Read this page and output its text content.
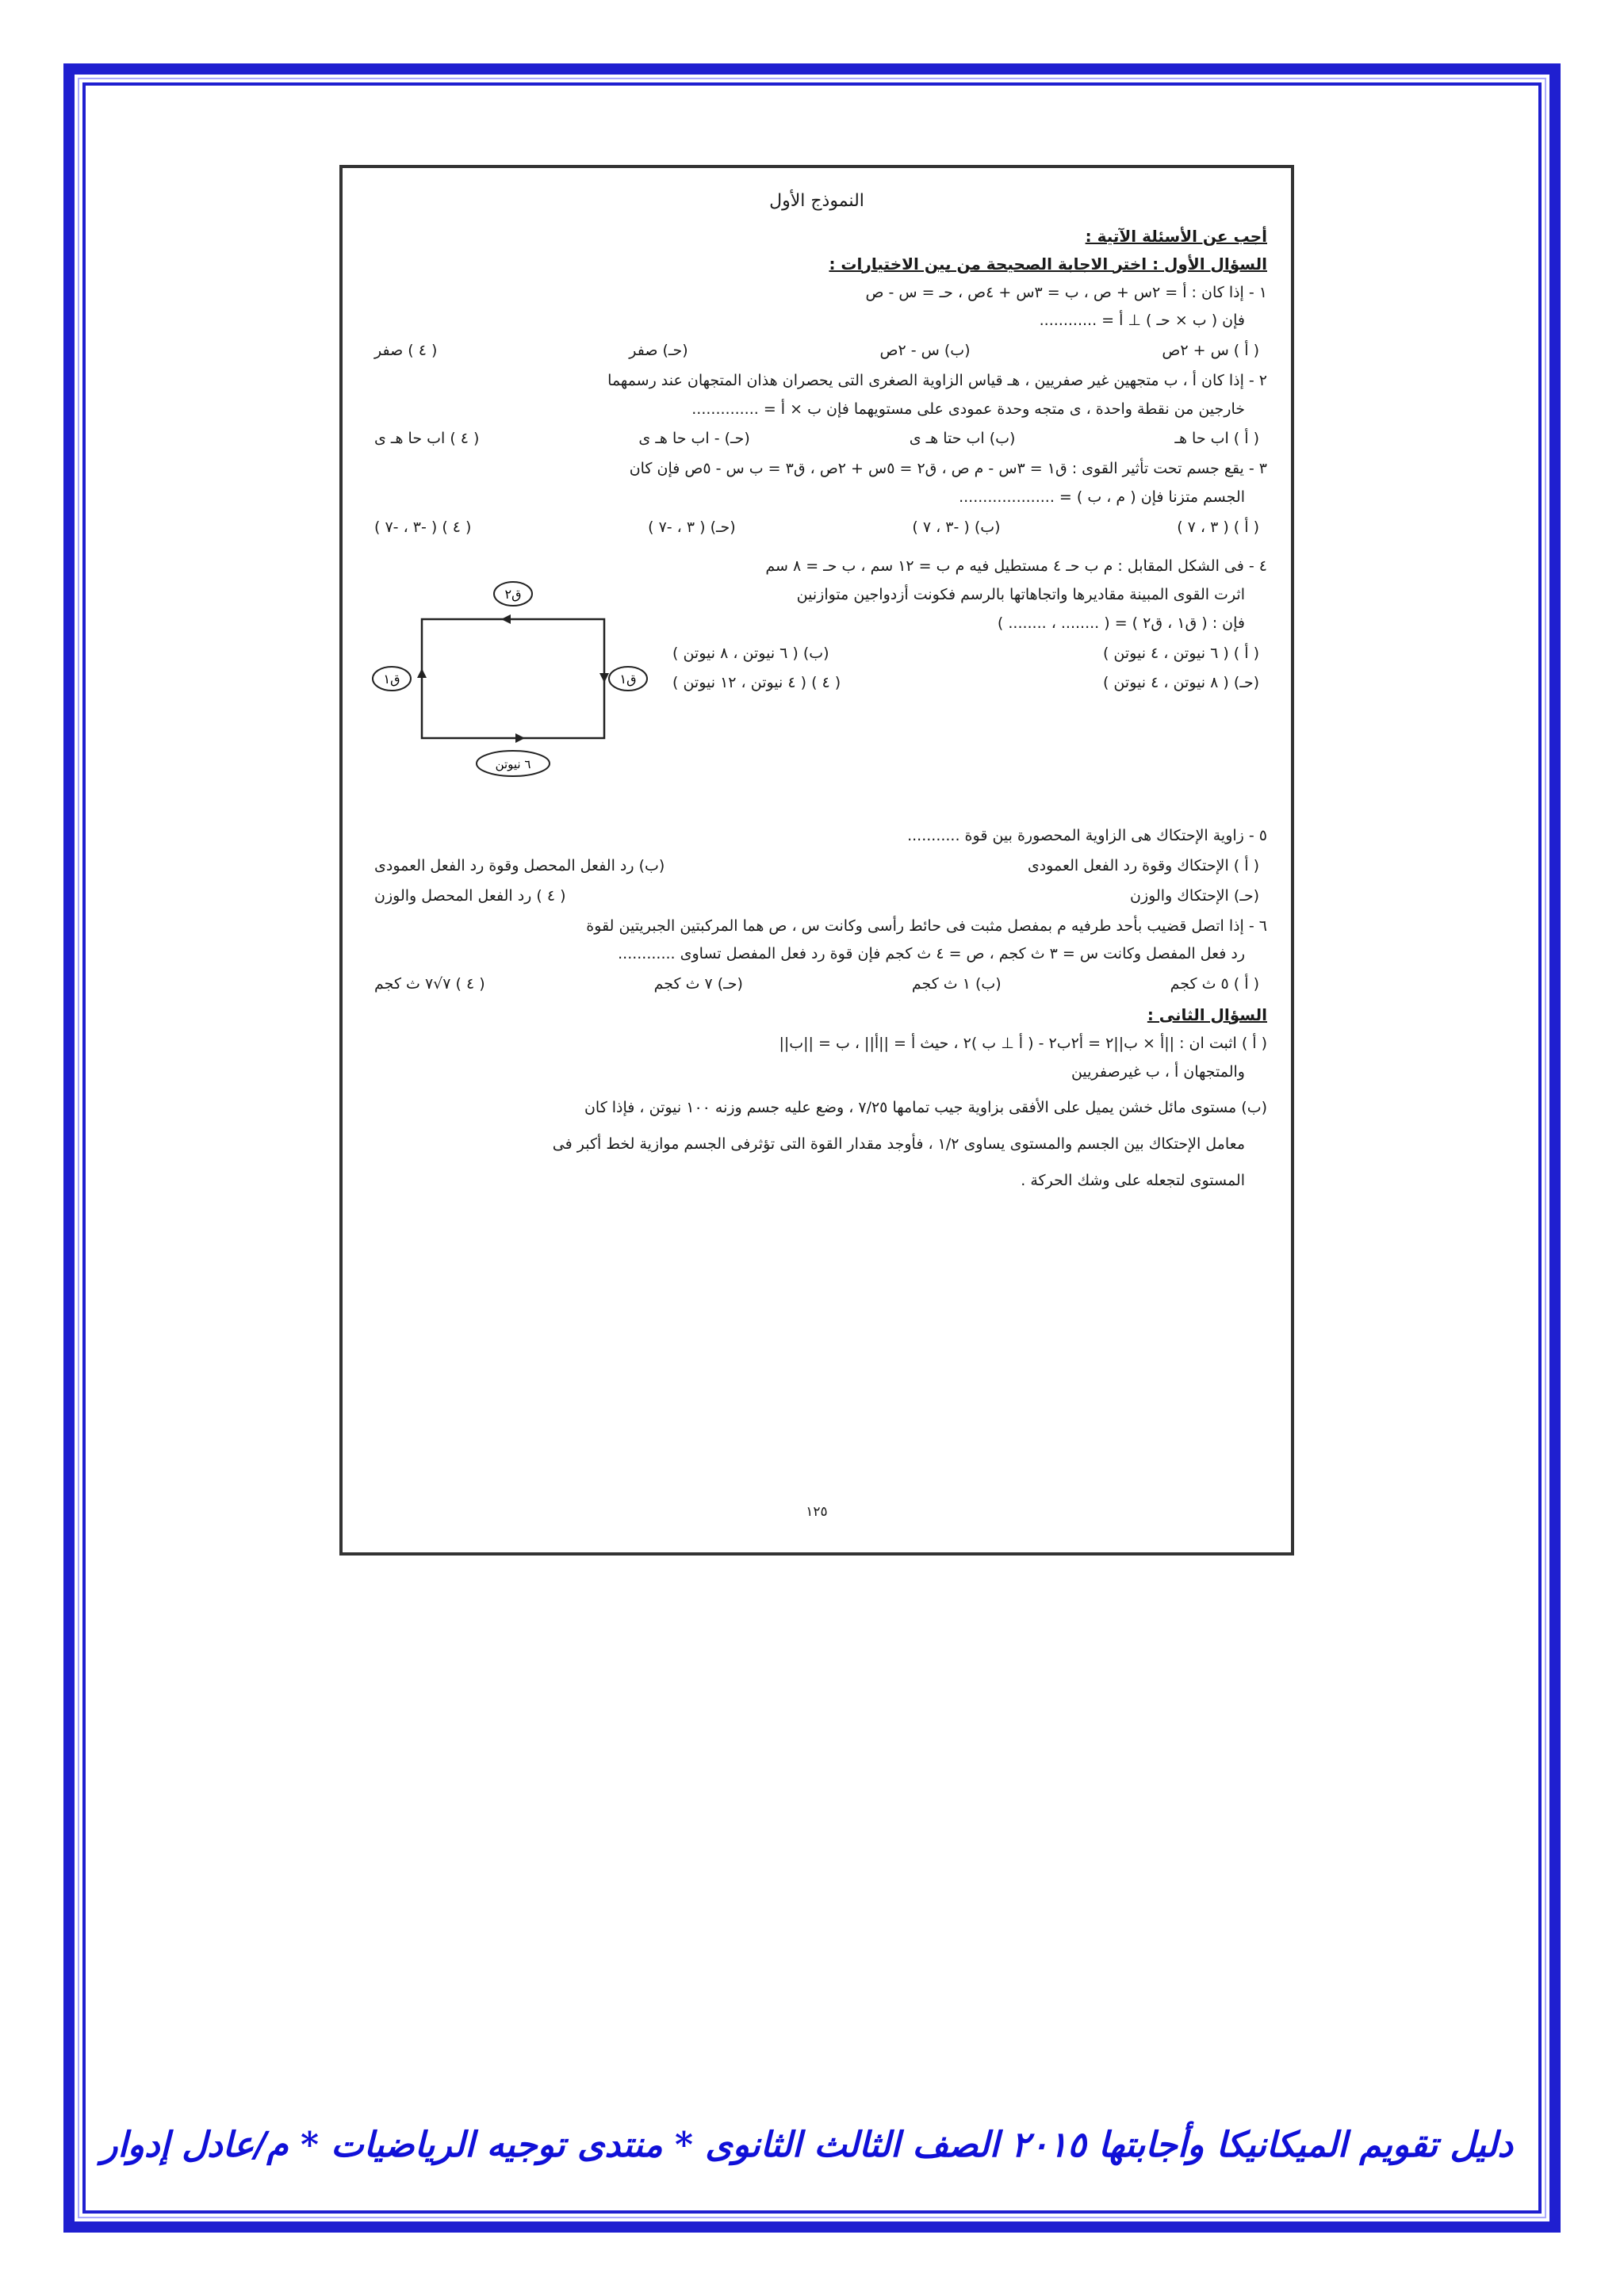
النموذج الأول
أجب عن الأسئلة الآتية :
السؤال الأول : اختر الاجابة الصحيحة من بين الاختيارات :
١ - إذا كان : أ = ٢س + ص ، ب = ٣س + ٤ص ، حـ = س - ص
فإن ( ب × حـ ) ⊥ أ = ............
( أ ) س + ٢ص
(ب) س - ٢ص
(حـ) صفر
( ٤ ) صفر
٢ - إذا كان أ ، ب متجهين غير صفريين ، هـ قياس الزاوية الصغرى التى يحصران هذان المتجهان عند رسمهما
خارجين من نقطة واحدة ، ى متجه وحدة عمودى على مستويهما فإن ب × أ = ..............
( أ ) اب حا هـ
(ب) اب حتا هـ ى
(حـ) - اب حا هـ ى
( ٤ ) اب حا هـ ى
٣ - يقع جسم تحت تأثير القوى : ق١ = ٣س - م ص ، ق٢ = ٥س + ٢ص ، ق٣ = ب س - ٥ص فإن كان
الجسم متزنا فإن ( م ، ب ) = ....................
( أ ) ( ٣ ، ٧ )
(ب) ( -٣ ، ٧ )
(حـ) ( ٣ ، -٧ )
( ٤ ) ( -٣ ، -٧ )
٤ - فى الشكل المقابل : م ب حـ ٤ مستطيل فيه م ب = ١٢ سم ، ب حـ = ٨ سم
اثرت القوى المبينة مقاديرها واتجاهاتها بالرسم فكونت أزدواجين متوازنين
فإن : ( ق١ ، ق٢ ) = ( ........ ، ........ )
( أ ) ( ٦ نيوتن ، ٤ نيوتن )
(ب) ( ٦ نيوتن ، ٨ نيوتن )
(حـ) ( ٨ نيوتن ، ٤ نيوتن )
( ٤ ) ( ٤ نيوتن ، ١٢ نيوتن )
ق٢
ق١
ق١
٦ نيوتن
٥ - زاوية الإحتكاك هى الزاوية المحصورة بين قوة ...........
( أ ) الإحتكاك وقوة رد الفعل العمودى
(ب) رد الفعل المحصل وقوة رد الفعل العمودى
(حـ) الإحتكاك والوزن
( ٤ ) رد الفعل المحصل والوزن
٦ - إذا اتصل قضيب بأحد طرفيه م بمفصل مثبت فى حائط رأسى وكانت س ، ص هما المركبتين الجبريتين لقوة
رد فعل المفصل وكانت س = ٣ ث كجم ، ص = ٤ ث كجم فإن قوة رد فعل المفصل تساوى ............
( أ ) ٥ ث كجم
(ب) ١ ث كجم
(حـ) ٧ ث كجم
( ٤ ) ٧√٧ ث كجم
السؤال الثانى :
( أ ) اثبت ان : ||أ × ب||٢ = أ٢ب٢ - ( أ ⊥ ب )٢ ، حيث أ = ||أ|| ، ب = ||ب||
والمتجهان أ ، ب غيرصفريين
(ب) مستوى مائل خشن يميل على الأفقى بزاوية جيب تمامها ٧/٢٥ ، وضع عليه جسم وزنه ١٠٠ نيوتن ، فإذا كان
معامل الإحتكاك بين الجسم والمستوى يساوى ١/٢ ، فأوجد مقدار القوة التى تؤثرفى الجسم موازية لخط أكبر فى
المستوى لتجعله على وشك الحركة .
١٢٥
دليل تقويم الميكانيكا وأجابتها ٢٠١٥ الصف الثالث الثانوى * منتدى توجيه الرياضيات * م/عادل إدوار
